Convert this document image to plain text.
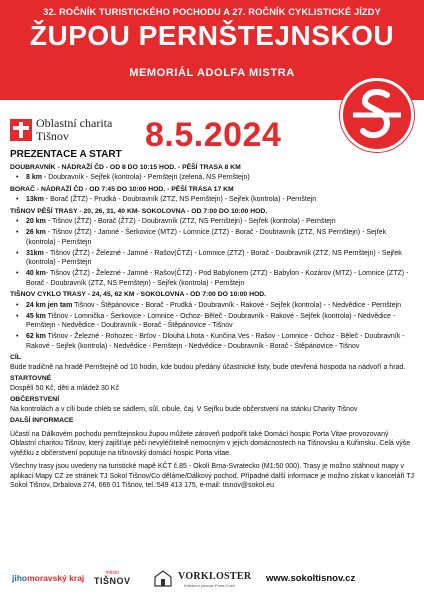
32. ROČNÍK TURISTICKÉHO POCHODU A 27. ROČNÍK CYKLISTICKÉ JÍZDY
ŽUPOU PERNŠTEJNSKOU
MEMORIÁL ADOLFA MISTRA
Oblastní charita
Tišnov	8.5.2024
PREZENTACE A START
DOUBRAVNÍK - NÁDRAŽÍ ČD - OD 8 DO 10:15 HOD. - PĚŠÍ TRASA 8 KM
• 8 km - Doubravník - Sejřek (kontrola) - Pernštejn (zelená, NS Pernštejn)
BORAČ - NÁDRAŽÍ ČD - OD 7:45 DO 10:00 HOD. - PĚŠÍ TRASA 17 KM
• 13km - Borač (ŽTZ) - Prudká - Doubravník (ZTZ, NS Pernštejn) - Sejřek (kontrola) - Pernštejn
TIŠNOV PĚŠÍ TRASY - 20, 26, 31, 40 KM- SOKOLOVNA - OD 7:00 DO 10:00 HOD.
• 20 km - Tišnov (ŽTZ) - Borač (ŽTZ) - Doubravník (ZTZ, NS Pernštejn) - Sejřek (kontrola) - Pernštejn
• 26 km - Tišnov (ŽTZ) - Jamné - Šerkovice (MTZ) - Lomnice (ZTZ) - Borač - Doubravník (ZTZ, NS Pernštejn) - Sejřek (kontrola) - Pernštejn
• 31km - Tišnov (ŽTZ) - Železné - Jamné - Rašov(ČTZ) - Lomnice (ZTZ) - Borač - Doubravník (ZTZ, NS Pernštejn) - Sejřek (kontrola) - Pernštejn
• 40 km- Tišnov (ŽTZ) - Železné - Jamné - Rašov(ČTZ) - Pod Babylonem (ZTZ) - Babylon - Kozárov (MTZ) - Lomnice (ZTZ) - Borač - Doubravník (ZTZ, NS Pernštejn) - Sejřek (kontrola) - Pernštejn
TIŠNOV CYKLO TRASY - 24, 45, 62 KM - SOKOLOVNA - OD 7:00 DO 10:00 HOD.
• 24 km jen tam Tišnov - Štěpánovice - Borač - Prudká - Doubravník - Rakové - Sejřek (kontrola) - - Nedvědice - Pernštejn
• 45 km Tišnov - Lomnička - Šerkovice - Lomnice - Ochoz- Běleč - Doubravník - Rakové - Sejřek (kontrola) - Nedvědice - Pernštejn - Nedvědice - Doubravník - Borač - Štěpánovice - Tišnov
• 62 km Tišnov - Železné - Rohozec - Brťov - Dlouhá Lhota - Kunčina Ves - Rašov - Lomnice - Ochoz - Běleč - Doubravník - Rakové - Sejřek (kontrola) - Nedvědice - Pernštejn - Nedvědice - Doubravník - Borač - Štěpánovice - Tišnov
CÍL
Bude tradičně na hradě Pernštejně od 10 hodin, kde budou předány účastnické listy, bude otevřená hospoda na nádvoří a hrad.
STARTOVNÉ
Dospělí 50 Kč, děti a mládež 30 Kč
OBČERSTVENÍ
Na kontrolách a v cíli bude chléb se sádlem, sůl, cibule, čaj. V Sejřku bude občerstvení na stánku Charity Tišnov
DALŠÍ INFORMACE
Účastí na Dálkovém pochodu pernštejnskou župou můžete zároveň podpořit také Domácí hospic Porta Vitae provozovaný Oblastní charitou Tišnov, který zajišťuje péči nevyléčitelně nemocným v jejich domácnostech na Tišnovsku a Kuřimsku. Celá výše výtěžku z občerstvení poputuje na tišnovský domácí hospic Porta vitae.
Všechny trasy jsou uvedeny na turistické mapě KČT č.85 - Okolí Brna-Svratecko (M1:50 000). Trasy je možno stáhnout mapy v aplikaci Mapy CZ ze stránek TJ Sokol Tišnov/Co děláme/Dálkový pochod. Případné další informace je možno získat v kanceláři TJ Sokol Tišnov, Drbalova 274, 666 01 Tišnov, tel.:549 413 175, e-mail: tisnov@sokol.eu
jihomoravský kraj	město
TIŠNOV	VORKLOSTER
Klášterní pivovar Porta Coeli
www.sokoltisnov.cz
